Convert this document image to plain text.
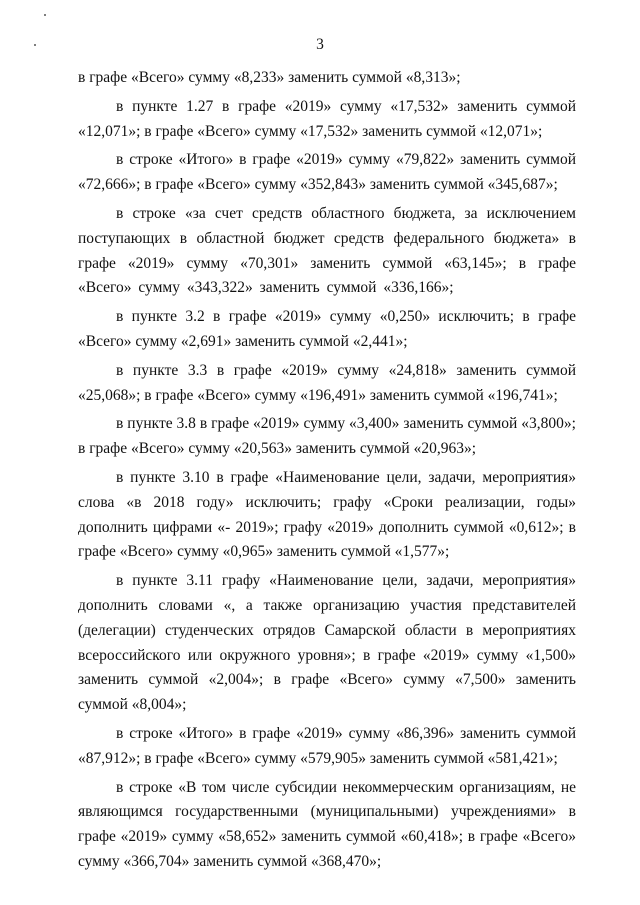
3

в графе «Всего» сумму «8,233» заменить суммой «8,313»;

в пункте 1.27 в графе «2019» сумму «17,532» заменить суммой «12,071»; в графе «Всего» сумму «17,532» заменить суммой «12,071»;

в строке «Итого» в графе «2019» сумму «79,822» заменить суммой «72,666»; в графе «Всего» сумму «352,843» заменить суммой «345,687»;

в строке «за счет средств областного бюджета, за исключением поступающих в областной бюджет средств федерального бюджета» в графе «2019» сумму «70,301» заменить суммой «63,145»; в графе «Всего» сумму «343,322» заменить суммой «336,166»;

в пункте 3.2 в графе «2019» сумму «0,250» исключить; в графе «Всего» сумму «2,691» заменить суммой «2,441»;

в пункте 3.3 в графе «2019» сумму «24,818» заменить суммой «25,068»; в графе «Всего» сумму «196,491» заменить суммой «196,741»;

в пункте 3.8 в графе «2019» сумму «3,400» заменить суммой «3,800»; в графе «Всего» сумму «20,563» заменить суммой «20,963»;

в пункте 3.10 в графе «Наименование цели, задачи, мероприятия» слова «в 2018 году» исключить; графу «Сроки реализации, годы» дополнить цифрами «- 2019»; графу «2019» дополнить суммой «0,612»; в графе «Всего» сумму «0,965» заменить суммой «1,577»;

в пункте 3.11 графу «Наименование цели, задачи, мероприятия» дополнить словами «, а также организацию участия представителей (делегации) студенческих отрядов Самарской области в мероприятиях всероссийского или окружного уровня»; в графе «2019» сумму «1,500» заменить суммой «2,004»; в графе «Всего» сумму «7,500» заменить суммой «8,004»;

в строке «Итого» в графе «2019» сумму «86,396» заменить суммой «87,912»; в графе «Всего» сумму «579,905» заменить суммой «581,421»;

в строке «В том числе субсидии некоммерческим организациям, не являющимся государственными (муниципальными) учреждениями» в графе «2019» сумму «58,652» заменить суммой «60,418»; в графе «Всего» сумму «366,704» заменить суммой «368,470»;
